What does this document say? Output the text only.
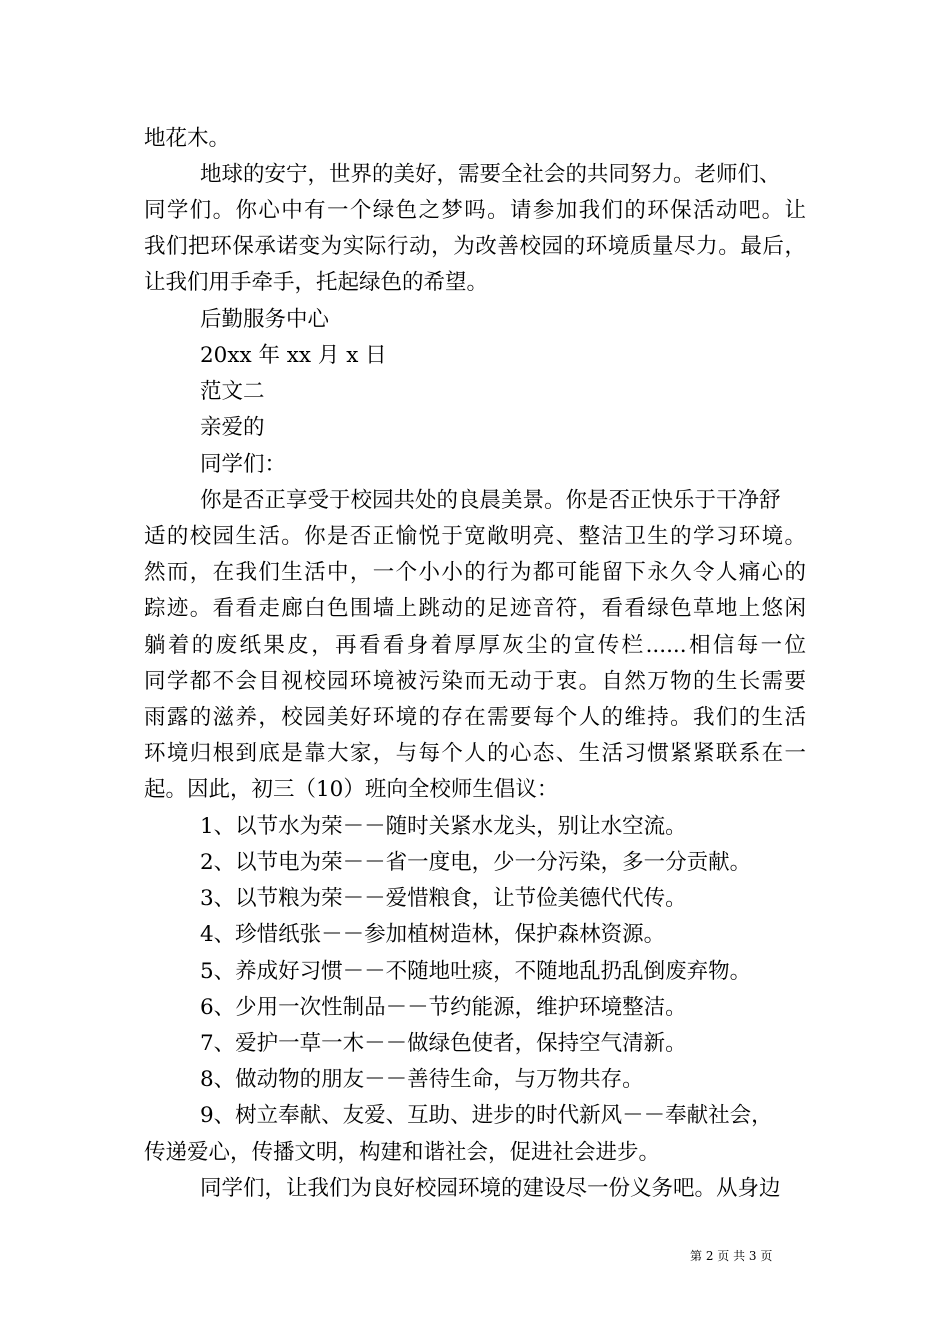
地花木。
地球的安宁，世界的美好，需要全社会的共同努力。老师们、
同学们。你心中有一个绿色之梦吗。请参加我们的环保活动吧。让
我们把环保承诺变为实际行动，为改善校园的环境质量尽力。最后，
让我们用手牵手，托起绿色的希望。
后勤服务中心
20xx 年 xx 月 x 日
范文二
亲爱的
同学们：
你是否正享受于校园共处的良晨美景。你是否正快乐于干净舒
适的校园生活。你是否正愉悦于宽敞明亮、整洁卫生的学习环境。
然而，在我们生活中，一个小小的行为都可能留下永久令人痛心的
踪迹。看看走廊白色围墙上跳动的足迹音符，看看绿色草地上悠闲
躺着的废纸果皮，再看看身着厚厚灰尘的宣传栏......相信每一位
同学都不会目视校园环境被污染而无动于衷。自然万物的生长需要
雨露的滋养，校园美好环境的存在需要每个人的维持。我们的生活
环境归根到底是靠大家，与每个人的心态、生活习惯紧紧联系在一
起。因此，初三（10）班向全校师生倡议：
1、以节水为荣－－随时关紧水龙头，别让水空流。
2、以节电为荣－－省一度电，少一分污染，多一分贡献。
3、以节粮为荣－－爱惜粮食，让节俭美德代代传。
4、珍惜纸张－－参加植树造林，保护森林资源。
5、养成好习惯－－不随地吐痰，不随地乱扔乱倒废弃物。
6、少用一次性制品－－节约能源，维护环境整洁。
7、爱护一草一木－－做绿色使者，保持空气清新。
8、做动物的朋友－－善待生命，与万物共存。
9、树立奉献、友爱、互助、进步的时代新风－－奉献社会，
传递爱心，传播文明，构建和谐社会，促进社会进步。
同学们，让我们为良好校园环境的建设尽一份义务吧。从身边
第 2 页 共 3 页
